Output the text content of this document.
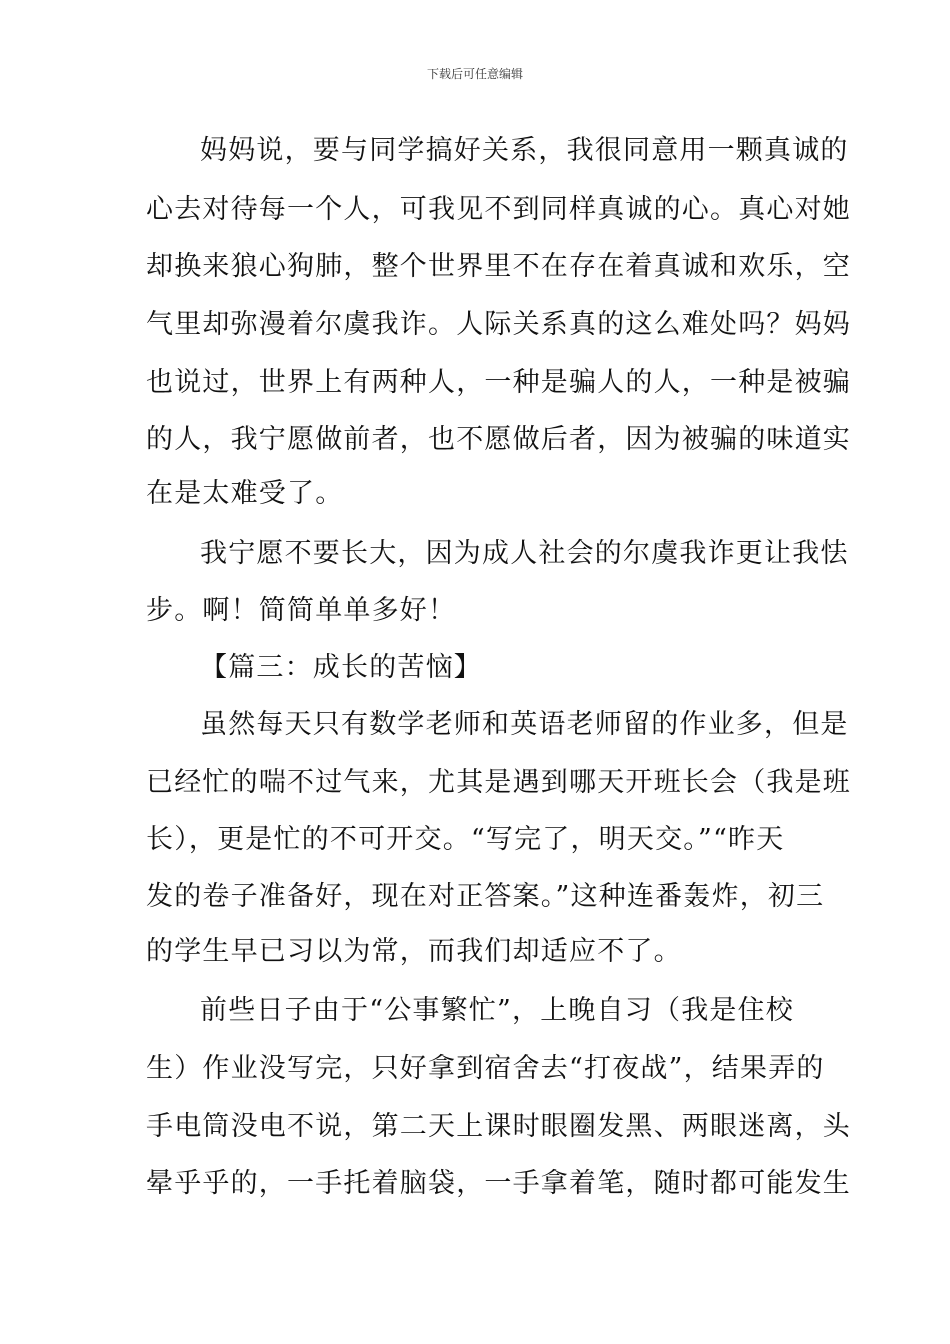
下载后可任意编辑
妈妈说，要与同学搞好关系，我很同意用一颗真诚的
心去对待每一个人，可我见不到同样真诚的心。真心对她
却换来狼心狗肺，整个世界里不在存在着真诚和欢乐，空
气里却弥漫着尔虞我诈。人际关系真的这么难处吗？妈妈
也说过，世界上有两种人，一种是骗人的人，一种是被骗
的人，我宁愿做前者，也不愿做后者，因为被骗的味道实
在是太难受了。
我宁愿不要长大，因为成人社会的尔虞我诈更让我怯
步。啊！简简单单多好！
【篇三：成长的苦恼】
虽然每天只有数学老师和英语老师留的作业多，但是
已经忙的喘不过气来，尤其是遇到哪天开班长会（我是班
长），更是忙的不可开交。“写完了，明天交。”“昨天
发的卷子准备好，现在对正答案。”这种连番轰炸，初三
的学生早已习以为常，而我们却适应不了。
前些日子由于“公事繁忙”，上晚自习（我是住校
生）作业没写完，只好拿到宿舍去“打夜战”，结果弄的
手电筒没电不说，第二天上课时眼圈发黑、两眼迷离，头
晕乎乎的，一手托着脑袋，一手拿着笔，随时都可能发生
